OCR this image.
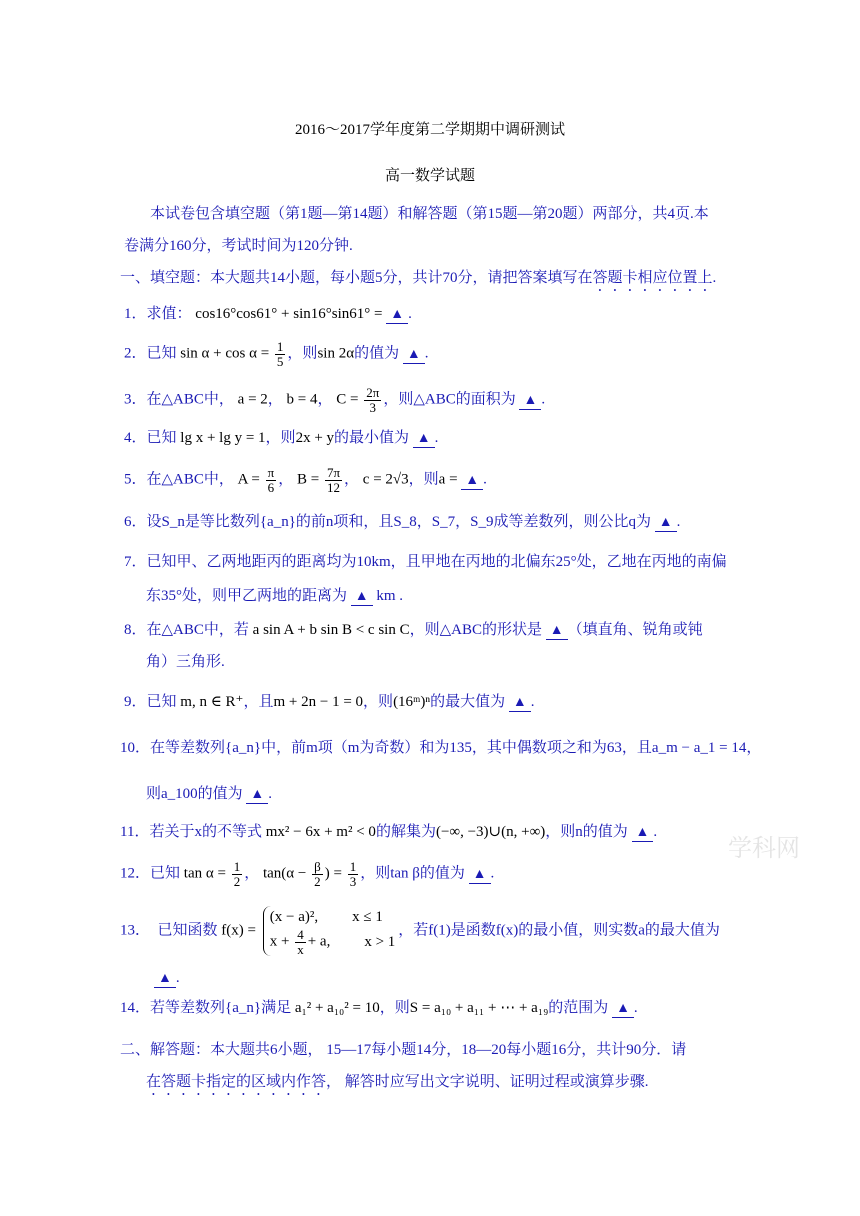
2016～2017学年度第二学期期中调研测试
高一数学试题
本试卷包含填空题（第1题—第14题）和解答题（第15题—第20题）两部分，共4页.本
卷满分160分，考试时间为120分钟.
一、填空题：本大题共14小题，每小题5分，共计70分，请把答案填写在答题卡相应位置上.
1．求值： cos16°cos61° + sin16°sin61° = ▲ .
2．已知 $\sin \alpha + \cos \alpha = \frac{1}{5}$ ，则sin 2α的值为 ▲ .
3．在△ABC中， a = 2， b = 4， $C = \frac{2\pi}{3}$ ，则△ABC的面积为 ▲ .
4．已知 lg x + lg y = 1，则2x + y的最小值为 ▲ .
5．在△ABC中， $A = \frac{\pi}{6}$ ， $B = \frac{7\pi}{12}$ ， c = 2√3，则a = ▲ .
6．设S_n是等比数列{a_n}的前n项和，且S_8，S_7，S_9成等差数列，则公比q为 ▲ .
7．已知甲、乙两地距丙的距离均为10km，且甲地在丙地的北偏东25°处，乙地在丙地的南偏
东35°处，则甲乙两地的距离为 ▲ km .
8．在△ABC中，若 a sin A + b sin B < c sin C，则△ABC的形状是 ▲ （填直角、锐角或钝
角）三角形.
9．已知 m, n ∈ R⁺，且m + 2n − 1 = 0，则(16ᵐ)ⁿ的最大值为 ▲ .
10．在等差数列{a_n}中，前m项（m为奇数）和为135，其中偶数项之和为63，且a_m − a_1 = 14，
则a_100的值为 ▲ .
11．若关于x的不等式 mx² − 6x + m² < 0的解集为(−∞, −3)∪(n, +∞)，则n的值为 ▲ .
12．已知 $\tan \alpha = \frac{1}{2}$ ， $\tan(\alpha - \frac{\beta}{2}$ ) = $\frac{1}{3}$ ，则tan β的值为 ▲ .
13． 已知函数 f(x) =
(x − a)², x ≤ 1
$x + \frac{4}{x} + a$, x > 1
，若f(1)是函数f(x)的最小值，则实数a的最大值为
▲ .
14．若等差数列{a_n}满足 a₁² + a₁₀² = 10，则S = a₁₀ + a₁₁ + ⋯ + a₁₉的范围为 ▲ .
二、解答题：本大题共6小题， 15—17每小题14分，18—20每小题16分，共计90分．请
在答题卡指定的区域内作答， 解答时应写出文字说明、证明过程或演算步骤.
学科网
